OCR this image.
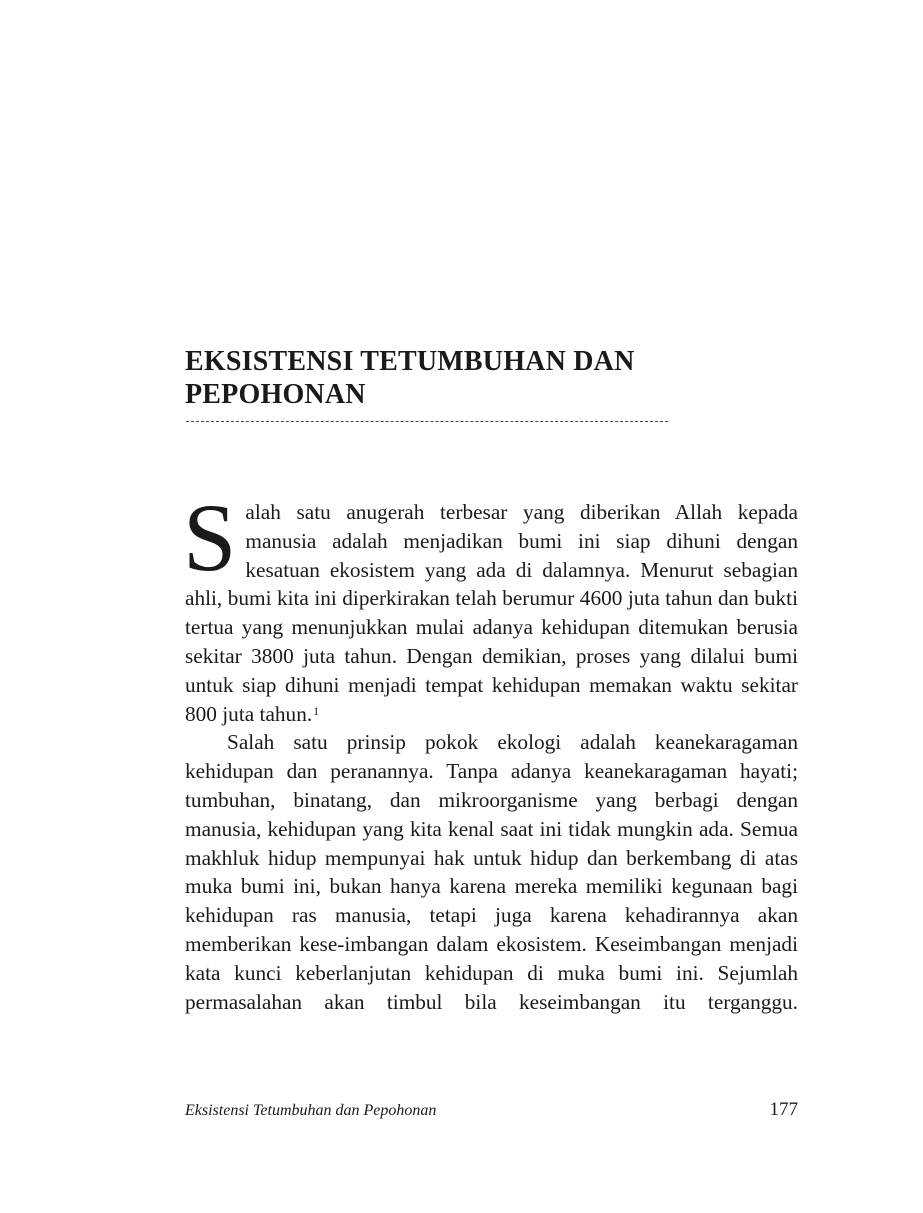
EKSISTENSI TETUMBUHAN DAN
PEPOHONAN

Salah satu anugerah terbesar yang diberikan Allah kepada manusia adalah menjadikan bumi ini siap dihuni dengan kesatuan ekosistem yang ada di dalamnya. Menurut sebagian ahli, bumi kita ini diperkirakan telah berumur 4600 juta tahun dan bukti tertua yang menunjukkan mulai adanya kehidupan ditemukan berusia sekitar 3800 juta tahun. Dengan demikian, proses yang dilalui bumi untuk siap dihuni menjadi tempat kehidupan memakan waktu sekitar 800 juta tahun.$^1$

Salah satu prinsip pokok ekologi adalah keanekaragaman kehidupan dan peranannya. Tanpa adanya keanekaragaman hayati; tumbuhan, binatang, dan mikroorganisme yang berbagi dengan manusia, kehidupan yang kita kenal saat ini tidak mungkin ada. Semua makhluk hidup mempunyai hak untuk hidup dan berkembang di atas muka bumi ini, bukan hanya karena mereka memiliki kegunaan bagi kehidupan ras manusia, tetapi juga karena kehadirannya akan memberikan kese-imbangan dalam ekosistem. Keseimbangan menjadi kata kunci keberlanjutan kehidupan di muka bumi ini. Sejumlah permasalahan akan timbul bila keseimbangan itu terganggu.

Eksistensi Tetumbuhan dan Pepohonan	177
